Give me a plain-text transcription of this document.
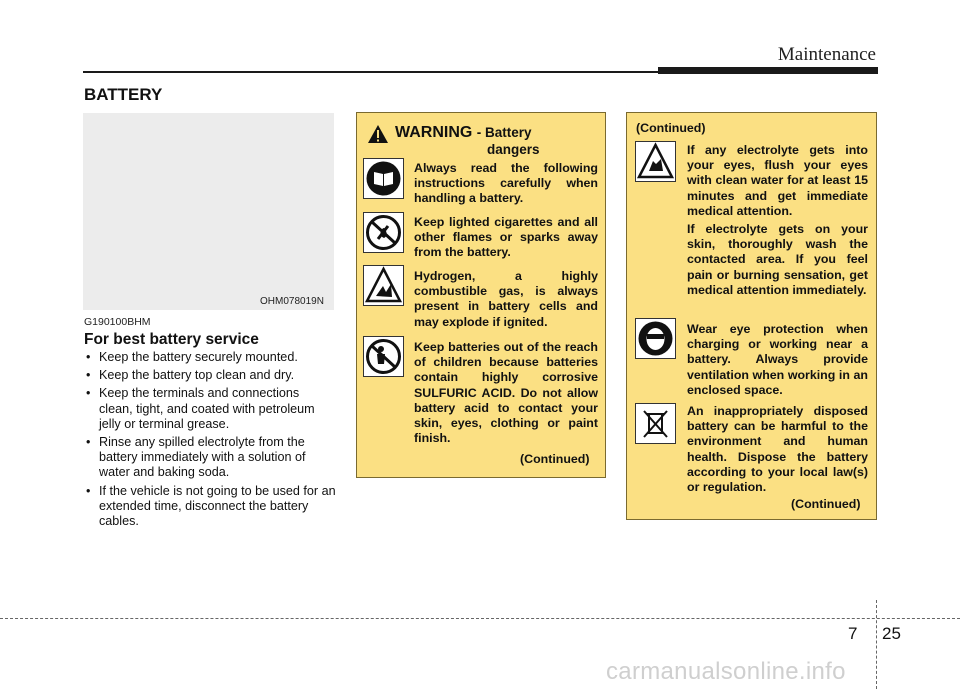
Maintenance
BATTERY
OHM078019N
G190100BHM
For best battery service
• Keep the battery securely mounted.
• Keep the battery top clean and dry.
• Keep the terminals and connections clean, tight, and coated with petroleum jelly or terminal grease.
• Rinse any spilled electrolyte from the battery immediately with a solution of water and baking soda.
• If the vehicle is not going to be used for an extended time, disconnect the battery cables.
WARNING - Battery
dangers
Always read the following instructions carefully when handling a battery.
Keep lighted cigarettes and all other flames or sparks away from the battery.
Hydrogen, a highly combustible gas, is always present in battery cells and may explode if ignited.
Keep batteries out of the reach of children because batteries contain highly corrosive SULFURIC ACID. Do not allow battery acid to contact your skin, eyes, clothing or paint finish.
(Continued)
(Continued)
If any electrolyte gets into your eyes, flush your eyes with clean water for at least 15 minutes and get immediate medical attention.
If electrolyte gets on your skin, thoroughly wash the contacted area. If you feel pain or burning sensation, get medical attention immediately.
Wear eye protection when charging or working near a battery. Always provide ventilation when working in an enclosed space.
An inappropriately disposed battery can be harmful to the environment and human health. Dispose the battery according to your local law(s) or regulation.
(Continued)
7 25
carmanualsonline.info
